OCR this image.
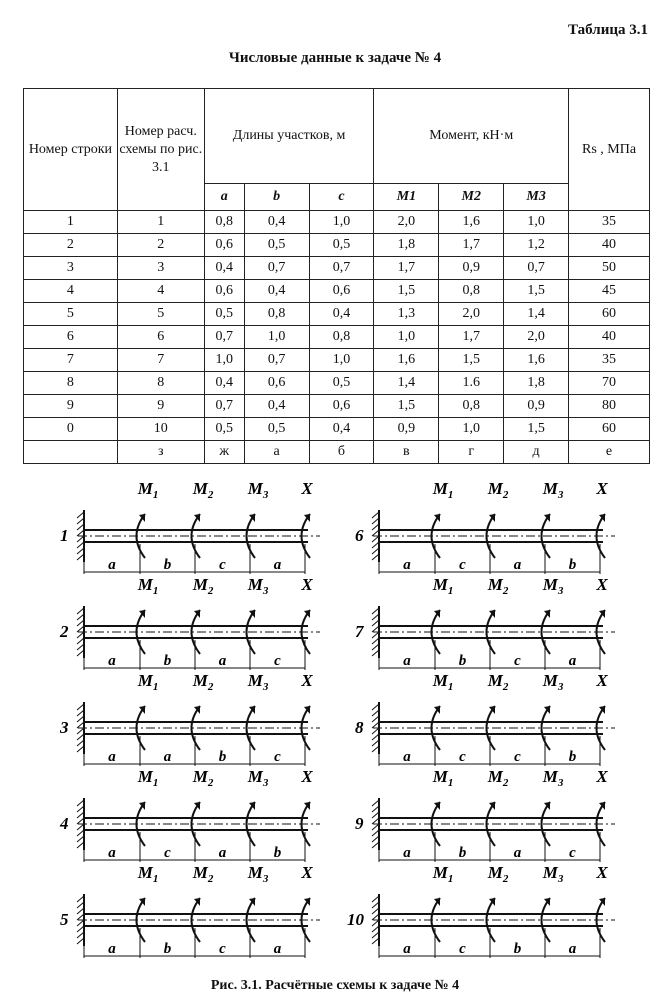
Таблица 3.1
Числовые данные к задаче № 4
Номер строки	Номер расч. схемы по рис. 3.1	Длины участков, м			Момент, кН·м			Rs , МПа
		a	b	c	M1	M2	M3	
1	1	0,8	0,4	1,0	2,0	1,6	1,0	35
2	2	0,6	0,5	0,5	1,8	1,7	1,2	40
3	3	0,4	0,7	0,7	1,7	0,9	0,7	50
4	4	0,6	0,4	0,6	1,5	0,8	1,5	45
5	5	0,5	0,8	0,4	1,3	2,0	1,4	60
6	6	0,7	1,0	0,8	1,0	1,7	2,0	40
7	7	1,0	0,7	1,0	1,6	1,5	1,6	35
8	8	0,4	0,6	0,5	1,4	1.6	1,8	70
9	9	0,7	0,4	0,6	1,5	0,8	0,9	80
0	10	0,5	0,5	0,4	0,9	1,0	1,5	60
	з	ж	а	б	в	г	д	е
1
$M_1$ $M_2$ $M_3$ X
a	b	c	a
2
$M_1$ $M_2$ $M_3$ X
a	b	a	c
3
$M_1$ $M_2$ $M_3$ X
a	a	b	c
4
$M_1$ $M_2$ $M_3$ X
a	c	a	b
5
$M_1$ $M_2$ $M_3$ X
a	b	c	a
6
$M_1$ $M_2$ $M_3$ X
a	c	a	b
7
$M_1$ $M_2$ $M_3$ X
a	b	c	a
8
$M_1$ $M_2$ $M_3$ X
a	c	c	b
9
$M_1$ $M_2$ $M_3$ X
a	b	a	c
10
$M_1$ $M_2$ $M_3$ X
a	c	b	a
Рис. 3.1. Расчётные схемы к задаче № 4
